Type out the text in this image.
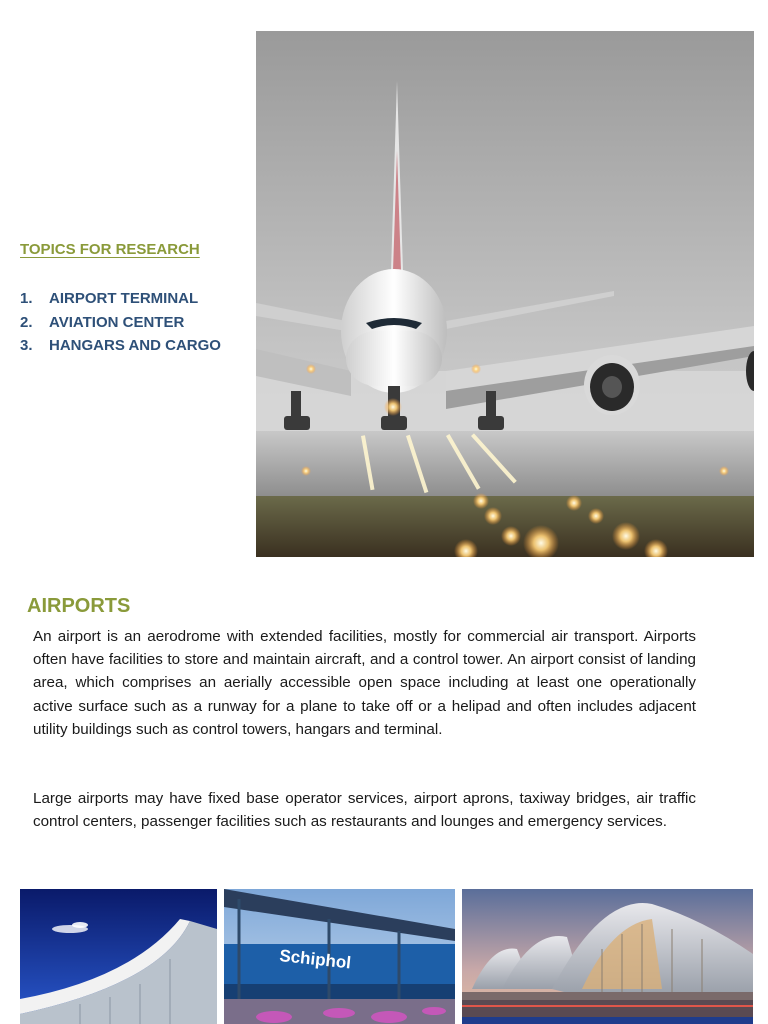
TOPICS FOR RESEARCH
1. AIRPORT TERMINAL
2. AVIATION CENTER
3. HANGARS AND CARGO
AIRPORTS

An airport is an aerodrome with extended facilities, mostly for commercial air transport. Airports often have facilities to store and maintain aircraft, and a control tower. An airport consist of landing area, which comprises an aerially accessible open space including at least one operationally active surface such as a runway for a plane to take off or a helipad and often includes adjacent utility buildings such as control towers, hangars and terminal.

Large airports may have fixed base operator services, airport aprons, taxiway bridges, air traffic control centers, passenger facilities such as restaurants and lounges and emergency services.

Schiphol
